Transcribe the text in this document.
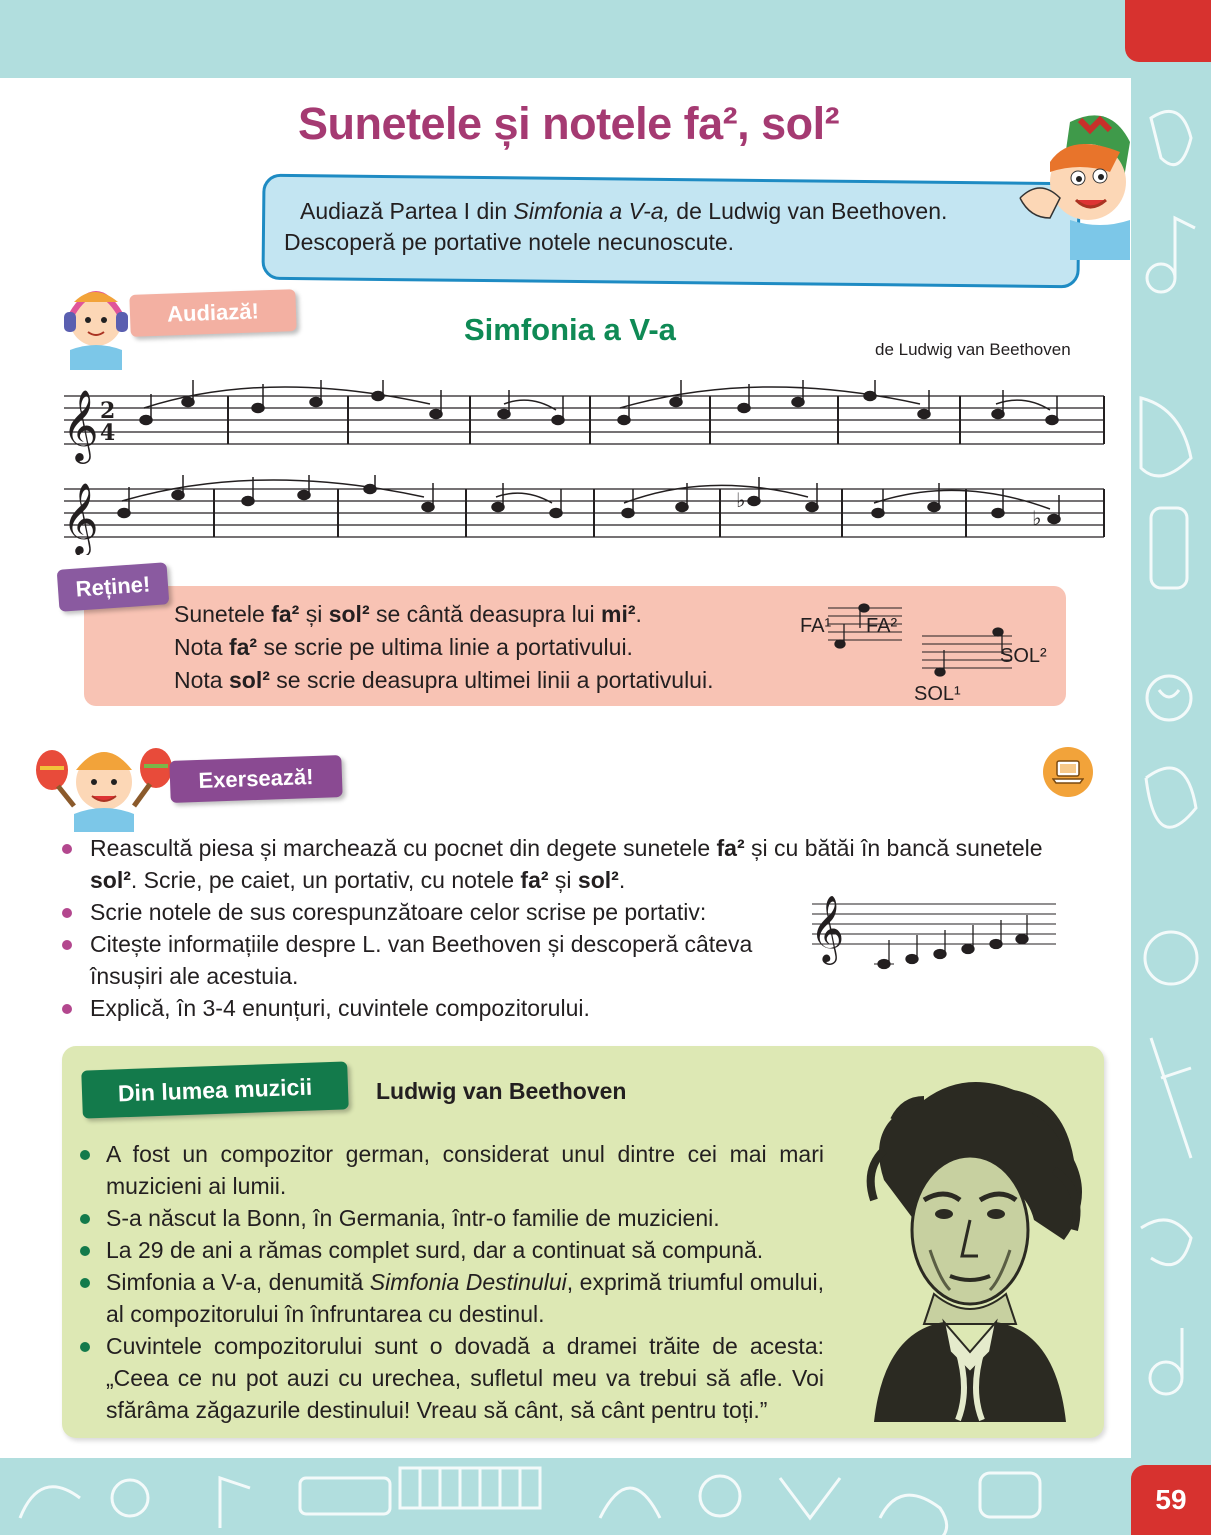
59
Sunetele și notele fa², sol²
Audiază Partea I din Simfonia a V-a, de Ludwig van Beethoven.
Descoperă pe portative notele necunoscute.
Audiază!	Simfonia a V-a
de Ludwig van Beethoven
𝄞 2
4
𝄞	♭
♭
Reține!
Sunetele fa² și sol² se cântă deasupra lui mi².
Nota fa² se scrie pe ultima linie a portativului.
Nota sol² se scrie deasupra ultimei linii a portativului.
FA¹ FA²
SOL²
SOL¹
Exersează!
Reascultă piesa și marchează cu pocnet din degete sunetele fa² și cu bătăi în bancă sunetele sol². Scrie, pe caiet, un portativ, cu notele fa² și sol².
Scrie notele de sus corespunzătoare celor scrise pe portativ:
Citește informațiile despre L. van Beethoven și descoperă câteva însușiri ale acestuia.
Explică, în 3-4 enunțuri, cuvintele compozitorului.
𝄞
Din lumea muzicii	Ludwig van Beethoven
A fost un compozitor german, considerat unul dintre cei mai mari muzicieni ai lumii.
S-a născut la Bonn, în Germania, într-o familie de muzicieni.
La 29 de ani a rămas complet surd, dar a continuat să compună.
Simfonia a V-a, denumită Simfonia Destinului, exprimă triumful omului, al compozitorului în înfruntarea cu destinul.
Cuvintele compozitorului sunt o dovadă a dramei trăite de acesta: „Ceea ce nu pot auzi cu urechea, sufletul meu va trebui să afle. Voi sfărâma zăgazurile destinului! Vreau să cânt, să cânt pentru toți.”
